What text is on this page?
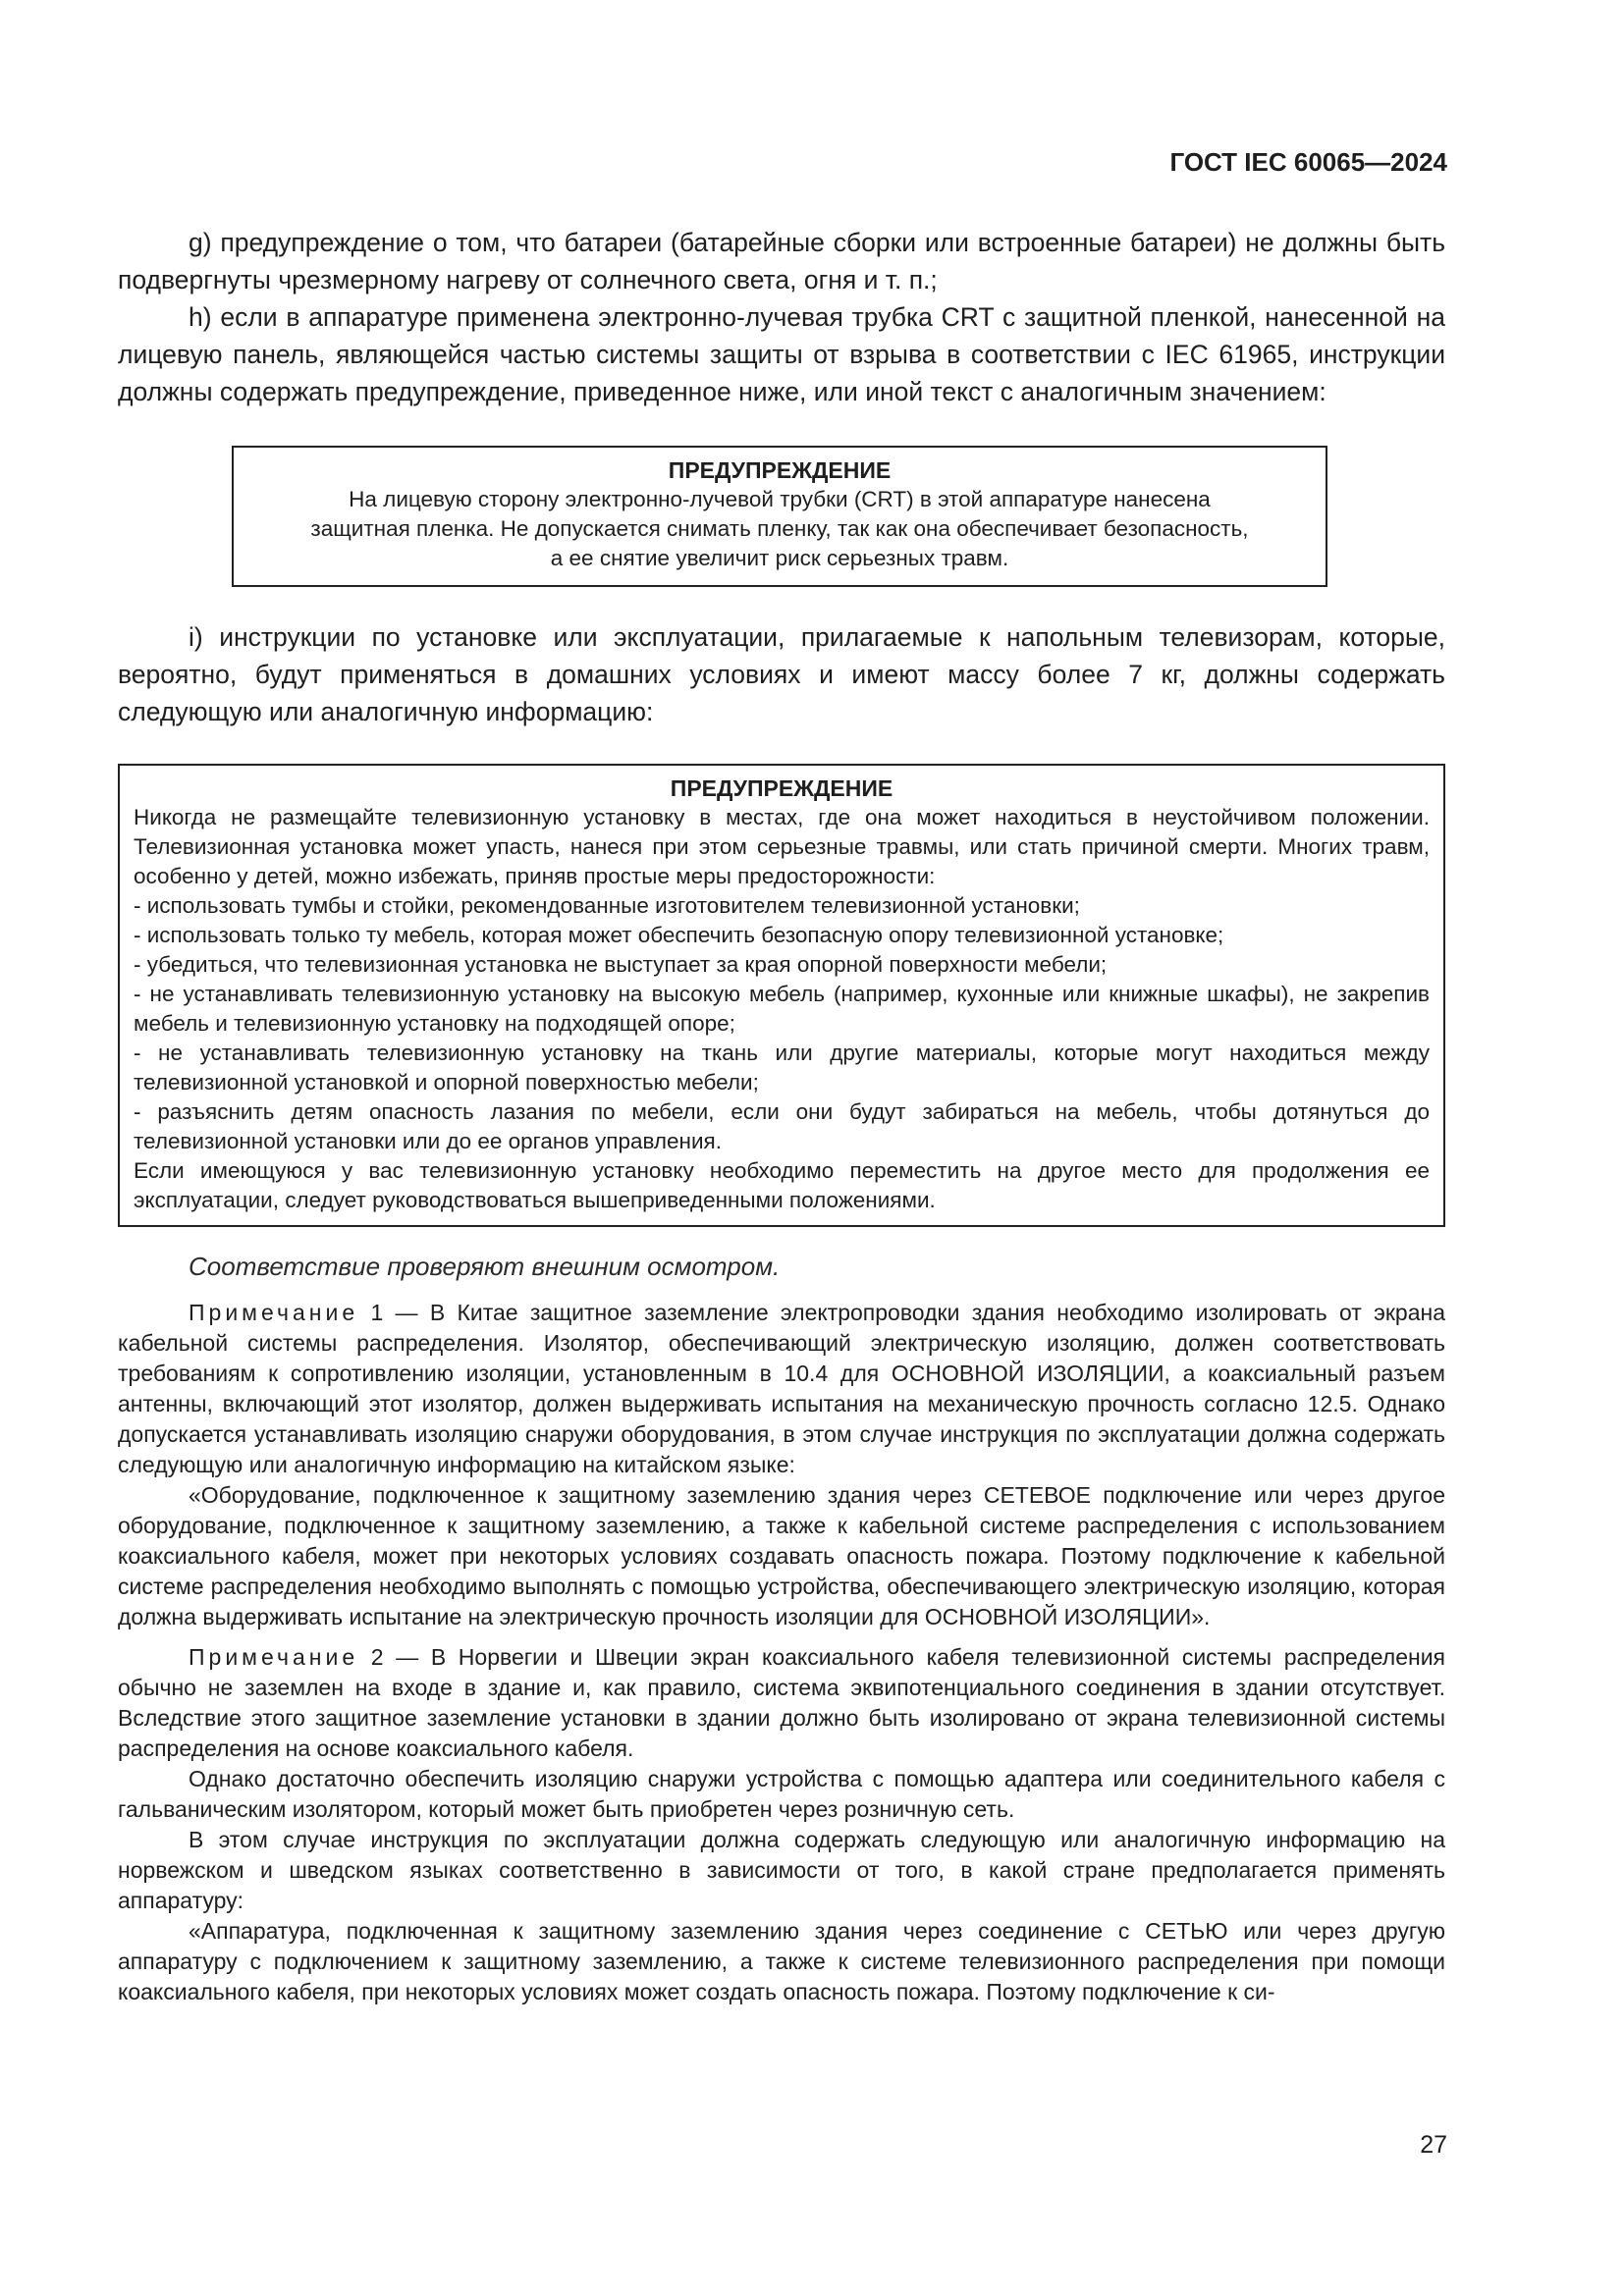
ГОСТ IEC 60065—2024

g) предупреждение о том, что батареи (батарейные сборки или встроенные батареи) не должны быть подвергнуты чрезмерному нагреву от солнечного света, огня и т. п.;

h) если в аппаратуре применена электронно-лучевая трубка CRT с защитной пленкой, нанесенной на лицевую панель, являющейся частью системы защиты от взрыва в соответствии с IEC 61965, инструкции должны содержать предупреждение, приведенное ниже, или иной текст с аналогичным значением:

ПРЕДУПРЕЖДЕНИЕ
На лицевую сторону электронно-лучевой трубки (CRT) в этой аппаратуре нанесена
защитная пленка. Не допускается снимать пленку, так как она обеспечивает безопасность,
а ее снятие увеличит риск серьезных травм.

i) инструкции по установке или эксплуатации, прилагаемые к напольным телевизорам, которые, вероятно, будут применяться в домашних условиях и имеют массу более 7 кг, должны содержать следующую или аналогичную информацию:

ПРЕДУПРЕЖДЕНИЕ
Никогда не размещайте телевизионную установку в местах, где она может находиться в неустойчивом положении. Телевизионная установка может упасть, нанеся при этом серьезные травмы, или стать причиной смерти. Многих травм, особенно у детей, можно избежать, приняв простые меры предосторожности:
- использовать тумбы и стойки, рекомендованные изготовителем телевизионной установки;
- использовать только ту мебель, которая может обеспечить безопасную опору телевизионной установке;
- убедиться, что телевизионная установка не выступает за края опорной поверхности мебели;
- не устанавливать телевизионную установку на высокую мебель (например, кухонные или книжные шкафы), не закрепив мебель и телевизионную установку на подходящей опоре;
- не устанавливать телевизионную установку на ткань или другие материалы, которые могут находиться между телевизионной установкой и опорной поверхностью мебели;
- разъяснить детям опасность лазания по мебели, если они будут забираться на мебель, чтобы дотянуться до телевизионной установки или до ее органов управления.
Если имеющуюся у вас телевизионную установку необходимо переместить на другое место для продолжения ее эксплуатации, следует руководствоваться вышеприведенными положениями.
Соответствие проверяют внешним осмотром.

Примечание 1 — В Китае защитное заземление электропроводки здания необходимо изолировать от экрана кабельной системы распределения. Изолятор, обеспечивающий электрическую изоляцию, должен соответствовать требованиям к сопротивлению изоляции, установленным в 10.4 для ОСНОВНОЙ ИЗОЛЯЦИИ, а коаксиальный разъем антенны, включающий этот изолятор, должен выдерживать испытания на механическую прочность согласно 12.5. Однако допускается устанавливать изоляцию снаружи оборудования, в этом случае инструкция по эксплуатации должна содержать следующую или аналогичную информацию на китайском языке:

«Оборудование, подключенное к защитному заземлению здания через СЕТЕВОЕ подключение или через другое оборудование, подключенное к защитному заземлению, а также к кабельной системе распределения с использованием коаксиального кабеля, может при некоторых условиях создавать опасность пожара. Поэтому подключение к кабельной системе распределения необходимо выполнять с помощью устройства, обеспечивающего электрическую изоляцию, которая должна выдерживать испытание на электрическую прочность изоляции для ОСНОВНОЙ ИЗОЛЯЦИИ».

Примечание 2 — В Норвегии и Швеции экран коаксиального кабеля телевизионной системы распределения обычно не заземлен на входе в здание и, как правило, система эквипотенциального соединения в здании отсутствует. Вследствие этого защитное заземление установки в здании должно быть изолировано от экрана телевизионной системы распределения на основе коаксиального кабеля.

Однако достаточно обеспечить изоляцию снаружи устройства с помощью адаптера или соединительного кабеля с гальваническим изолятором, который может быть приобретен через розничную сеть.

В этом случае инструкция по эксплуатации должна содержать следующую или аналогичную информацию на норвежском и шведском языках соответственно в зависимости от того, в какой стране предполагается применять аппаратуру:

«Аппаратура, подключенная к защитному заземлению здания через соединение с СЕТЬЮ или через другую аппаратуру с подключением к защитному заземлению, а также к системе телевизионного распределения при помощи коаксиального кабеля, при некоторых условиях может создать опасность пожара. Поэтому подключение к си-

27
